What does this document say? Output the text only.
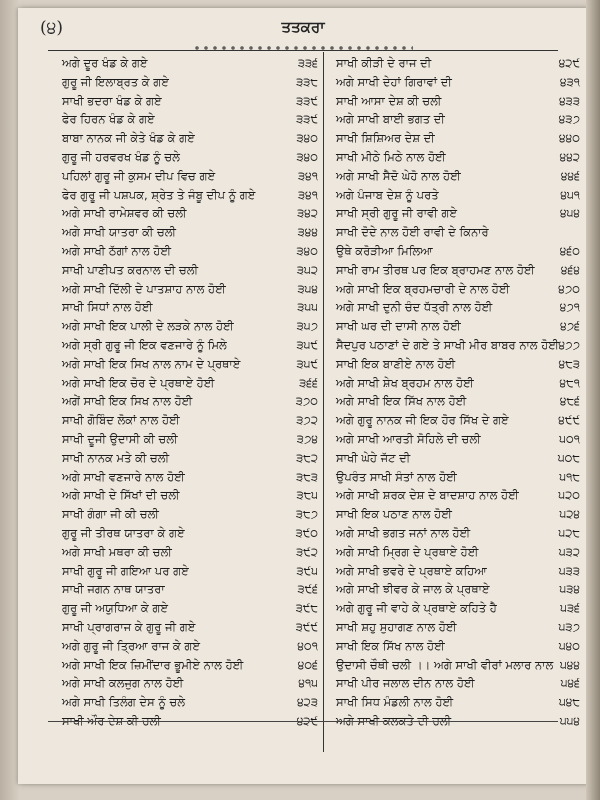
(੪)	ਤਤਕਰਾ
ਅਗੇ ਦੂਰ ਖੰਡ ਕੇ ਗਏ	੩੩੬ ਸਾਖੀ ਕੀੜੀ ਦੇ ਰਾਜ ਦੀ	੪੨੯
ਗੁਰੂ ਜੀ ਇਲਾਬ੍ਰਤ ਕੇ ਗਏ	੩੩੮ ਅਗੇ ਸਾਖੀ ਦੇਹਾਂ ਗਿਰਾਵਾਂ ਦੀ	੪੩੧
ਸਾਖੀ ਭਦਰਾ ਖੰਡ ਕੇ ਗਏ	੩੩੯ ਸਾਖੀ ਆਸਾ ਦੇਸ਼ ਕੀ ਚਲੀ	੪੩੩
ਫੇਰ ਹਿਰਨ ਖੰਡ ਕੇ ਗਏ	੩੩੯ ਅਗੇ ਸਾਖੀ ਬਾਈ ਭਗਤ ਦੀ	੪੩੭
ਬਾਬਾ ਨਾਨਕ ਜੀ ਕੇਤੇ ਖੰਡ ਕੇ ਗਏ	੩੪੦ ਸਾਖੀ ਸ਼ਿਸ਼ਿਅਰ ਦੇਸ਼ ਦੀ	੪੪੦
ਗੁਰੂ ਜੀ ਹਰਵਰਖ ਖੰਡ ਨੂੰ ਚਲੇ	੩੪੦ ਸਾਖੀ ਮੀਠੇ ਮਿਠੇ ਨਾਲ ਹੋਈ	੪੪੨
ਪਹਿਲਾਂ ਗੁਰੂ ਜੀ ਕੁਸਮ ਦੀਪ ਵਿਚ ਗਏ	੩੪੧ ਅਗੇ ਸਾਖੀ ਸੈਦੋ ਘੇਹੋ ਨਾਲ ਹੋਈ	੪੪੬
ਫੇਰ ਗੁਰੂ ਜੀ ਪਸ਼ਪਕ, ਸ਼੍ਰੇਤ ਤੇ ਜੰਬੂ ਦੀਪ ਨੂੰ ਗਏ	੩੪੧ ਅਗੇ ਪੰਜਾਬ ਦੇਸ਼ ਨੂੰ ਪਰਤੇ	੪੫੧
ਅਗੇ ਸਾਖੀ ਰਾਮੇਸ਼ਵਰ ਕੀ ਚਲੀ	੩੪੨ ਸਾਖੀ ਸ੍ਰੀ ਗੁਰੂ ਜੀ ਰਾਵੀ ਗਏ	੪੫੪
ਅਗੇ ਸਾਖੀ ਯਾਤਰਾ ਕੀ ਚਲੀ	੩੪੪ ਸਾਖੀ ਦੋਦੇ ਨਾਲ ਹੋਈ ਰਾਵੀ ਦੇ ਕਿਨਾਰੇ
ਅਗੇ ਸਾਖੀ ਠੱਗਾਂ ਨਾਲ ਹੋਈ	੩੪੦ ਉਥੇ ਕਰੋੜੀਆ ਮਿਲਿਆ	੪੬੦
ਸਾਖੀ ਪਾਣੀਪਤ ਕਰਨਾਲ ਦੀ ਚਲੀ	੩੫੨ ਸਾਖੀ ਰਾਮ ਤੀਰਥ ਪਰ ਇਕ ਬ੍ਰਾਹਮਣ ਨਾਲ ਹੋਈ	੪੬੪
ਅਗੇ ਸਾਖੀ ਦਿੱਲੀ ਦੇ ਪਾਤਸ਼ਾਹ ਨਾਲ ਹੋਈ	੩੫੪ ਅਗੇ ਸਾਖੀ ਇਕ ਬ੍ਰਹਮਚਾਰੀ ਦੇ ਨਾਲ ਹੋਈ	੪੭੦
ਸਾਖੀ ਸਿਧਾਂ ਨਾਲ ਹੋਈ	੩੫੫ ਅਗੇ ਸਾਖੀ ਦੁਨੀ ਚੰਦ ਧੱਤ੍ਰੀ ਨਾਲ ਹੋਈ	੪੭੧
ਅਗੇ ਸਾਖੀ ਇਕ ਪਾਲੀ ਦੇ ਲੜਕੇ ਨਾਲ ਹੋਈ	੩੫੭ ਸਾਖੀ ਘਰ ਦੀ ਦਾਸੀ ਨਾਲ ਹੋਈ	੪੭੬
ਅਗੇ ਸ੍ਰੀ ਗੁਰੂ ਜੀ ਇਕ ਵਣਜਾਰੇ ਨੂੰ ਮਿਲੇ	੩੫੯ ਸੈਦਪੁਰ ਪਠਾਣਾਂ ਦੇ ਗਏ ਤੇ ਸਾਖੀ ਮੀਰ ਬਾਬਰ ਨਾਲ ਹੋਈ ੪੭੭
ਅਗੇ ਸਾਖੀ ਇਕ ਸਿਖ ਨਾਲ ਨਾਮ ਦੇ ਪ੍ਰਥਾਏ	੩੫੯ ਸਾਖੀ ਇਕ ਬਾਣੀਏ ਨਾਲ ਹੋਈ	੪੮੩
ਅਗੇ ਸਾਖੀ ਇਕ ਚੋਰ ਦੇ ਪ੍ਰਥਾਏ ਹੋਈ	੩੬੬ ਅਗੇ ਸਾਖੀ ਸ਼ੇਖ ਬ੍ਰਹਮ ਨਾਲ ਹੋਈ	੪੮੧
ਅਗੇਂ ਸਾਖੀ ਇਕ ਸਿਖ ਨਾਲ ਹੋਈ	੩੭੦ ਅਗੇ ਸਾਖੀ ਇਕ ਸਿੱਖ ਨਾਲ ਹੋਈ	੪੮੬
ਸਾਖੀ ਗੋਬਿੰਦ ਲੋਕਾਂ ਨਾਲ ਹੋਈ	੩੭੨ ਅਗੇ ਗੁਰੂ ਨਾਨਕ ਜੀ ਇਕ ਹੋਰ ਸਿੱਖ ਦੇ ਗਏ	੪੯੯
ਸਾਖੀ ਦੂਜੀ ਉਦਾਸੀ ਕੀ ਚਲੀ	੩੭੪ ਅਗੇ ਸਾਖੀ ਆਰਤੀ ਸੋਹਿਲੇ ਦੀ ਚਲੀ	੫੦੧
ਸਾਖੀ ਨਾਨਕ ਮਤੇ ਕੀ ਚਲੀ	੩੮੨ ਸਾਖੀ ਘੇਹੇ ਜੱਟ ਦੀ	੫੦੮
ਅਗੇ ਸਾਖੀ ਵਣਜਾਰੇ ਨਾਲ ਹੋਈ	੩੮੩ ਉਪਰੰਤ ਸਾਖੀ ਸੰਤਾਂ ਨਾਲ ਹੋਈ	੫੧੮
ਅਗੇ ਸਾਖੀ ਦੇ ਸਿੱਖਾਂ ਦੀ ਚਲੀ	੩੮੫ ਅਗੇ ਸਾਖੀ ਸ਼ਰਕ ਦੇਸ਼ ਦੇ ਬਾਦਸ਼ਾਹ ਨਾਲ ਹੋਈ	੫੨੦
ਸਾਖੀ ਗੰਗਾ ਜੀ ਕੀ ਚਲੀ	੩੮੭ ਸਾਖੀ ਇਕ ਪਠਾਣ ਨਾਲ ਹੋਈ	੫੨੪
ਗੁਰੂ ਜੀ ਤੀਰਥ ਯਾਤਰਾ ਕੇ ਗਏ	੩੯੦ ਅਗੇ ਸਾਖੀ ਭਗਤ ਜਨਾਂ ਨਾਲ ਹੋਈ	੫੨੮
ਅਗੇ ਸਾਖੀ ਮਥਰਾ ਕੀ ਚਲੀ	੩੯੨ ਅਗੇ ਸਾਖੀ ਮ੍ਰਿਗ ਦੇ ਪ੍ਰਥਾਏ ਹੋਈ	੫੩੨
ਸਾਖੀ ਗੁਰੂ ਜੀ ਗਇਆ ਪਰ ਗਏ	੩੯੫ ਅਗੇ ਸਾਖੀ ਭਵਰੇ ਦੇ ਪ੍ਰਥਾਏ ਕਹਿਆ	੫੩੩
ਸਾਖੀ ਜਗਨ ਨਾਥ ਯਾਤਰਾ	੩੯੬ ਅਗੇ ਸਾਖੀ ਝੀਵਰ ਕੇ ਜਾਲ ਕੇ ਪ੍ਰਥਾਏ	੫੩੪
ਗੁਰੂ ਜੀ ਅਯੁਧਿਆ ਕੇ ਗਏ	੩੯੮ ਅਗੇ ਗੁਰੂ ਜੀ ਵਾਹੇ ਕੇ ਪ੍ਰਥਾਏ ਕਹਿਤੇ ਹੈ	੫੩੬
ਸਾਖੀ ਪ੍ਰਾਗਰਾਜ ਕੇ ਗੁਰੂ ਜੀ ਗਏ	੩੯੯ ਸਾਖੀ ਸ਼ਹੁ ਸੁਹਾਗਣ ਨਾਲ ਹੋਈ	੫੩੭
ਅਗੇ ਗੁਰੂ ਜੀ ਤ੍ਰਿਆ ਰਾਜ ਕੇ ਗਏ	੪੦੧ ਸਾਖੀ ਇਕ ਸਿੱਖ ਨਾਲ ਹੋਈ	੫੪੦
ਅਗੇ ਸਾਖੀ ਇਕ ਜ਼ਿਮੀਂਦਾਰ ਭੂਮੀਏ ਨਾਲ ਹੋਈ	੪੦੬ ਉਦਾਸੀ ਚੌਥੀ ਚਲੀ ।। ਅਗੇ ਸਾਖੀ ਵੀਰਾਂ ਮਲਾਰ ਨਾਲ ੫੪੪
ਅਗੇ ਸਾਖੀ ਕਲਜੁਗ ਨਾਲ ਹੋਈ	੪੧੫ ਸਾਖੀ ਪੀਰ ਜਲਾਲ ਦੀਨ ਨਾਲ ਹੋਈ	੫੪੬
ਅਗੇ ਸਾਖੀ ਤਿਲੰਗ ਦੇਸ ਨੂੰ ਚਲੇ	੪੨੩ ਸਾਖੀ ਸਿਧ ਮੰਡਲੀ ਨਾਲ ਹੋਈ	੫੪੮
ਸਾਖੀ ਔਰ ਦੇਸ਼ ਕੀ ਚਲੀ	੪੨੯ ਅਗੇ ਸਾਖੀ ਕਲਕਤੇ ਦੀ ਚਲੀ	੫੫੪
